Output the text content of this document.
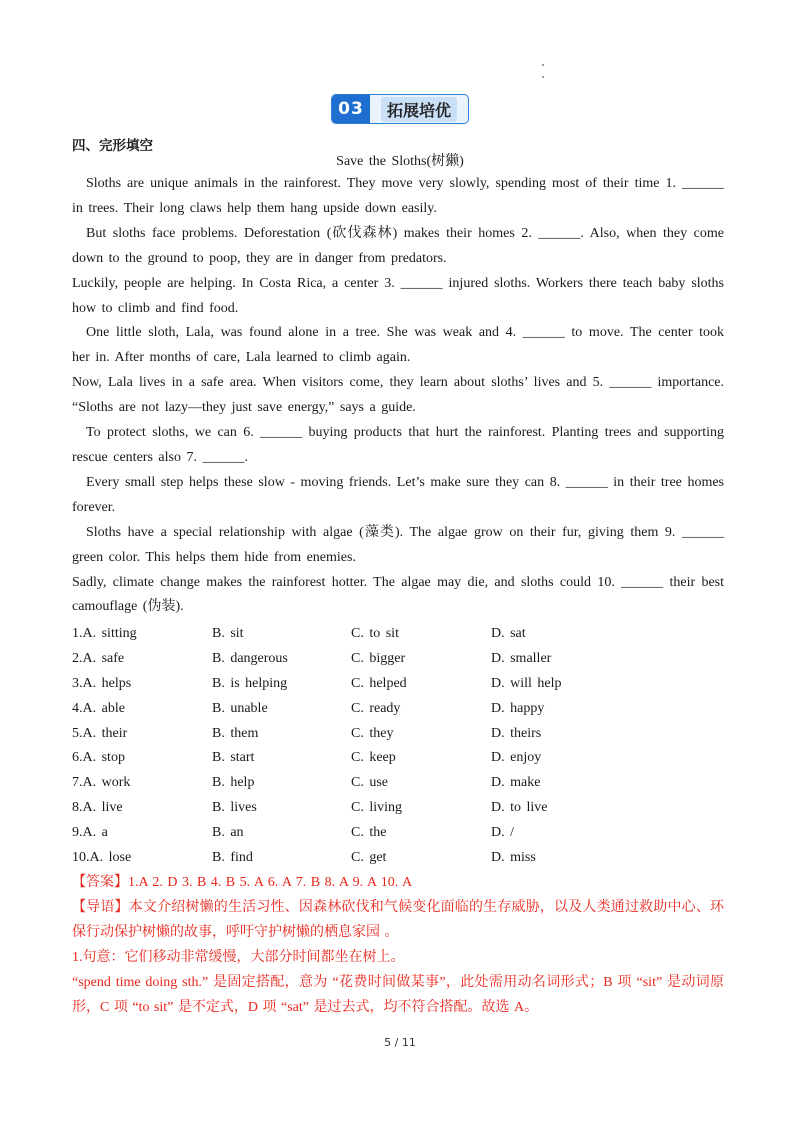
03	拓展培优
四、完形填空
Save the Sloths(树獭)

Sloths are unique animals in the rainforest. They move very slowly, spending most of their time 1. ______ in trees. Their long claws help them hang upside down easily.

But sloths face problems. Deforestation (砍伐森林) makes their homes 2. ______. Also, when they come down to the ground to poop, they are in danger from predators.

Luckily, people are helping. In Costa Rica, a center 3. ______ injured sloths. Workers there teach baby sloths how to climb and find food.

One little sloth, Lala, was found alone in a tree. She was weak and 4. ______ to move. The center took her in. After months of care, Lala learned to climb again.

Now, Lala lives in a safe area. When visitors come, they learn about sloths’ lives and 5. ______ importance. “Sloths are not lazy—they just save energy,” says a guide.

To protect sloths, we can 6. ______ buying products that hurt the rainforest. Planting trees and supporting rescue centers also 7. ______.

Every small step helps these slow - moving friends. Let’s make sure they can 8. ______ in their tree homes forever.

Sloths have a special relationship with algae (藻类). The algae grow on their fur, giving them 9. ______ green color. This helps them hide from enemies.

Sadly, climate change makes the rainforest hotter. The algae may die, and sloths could 10. ______ their best camouflage (伪装).

1.A. sitting	B. sit	C. to sit	D. sat
2.A. safe	B. dangerous	C. bigger	D. smaller
3.A. helps	B. is helping	C. helped	D. will help
4.A. able	B. unable	C. ready	D. happy
5.A. their	B. them	C. they	D. theirs
6.A. stop	B. start	C. keep	D. enjoy
7.A. work	B. help	C. use	D. make
8.A. live	B. lives	C. living	D. to live
9.A. a	B. an	C. the	D. /
10.A. lose	B. find	C. get	D. miss

【答案】1.A 2. D 3. B 4. B 5. A 6. A 7. B 8. A 9. A 10. A

【导语】本文介绍树懒的生活习性、因森林砍伐和气候变化面临的生存威胁，以及人类通过救助中心、环保行动保护树懒的故事，呼吁守护树懒的栖息家园 。

1.句意：它们移动非常缓慢，大部分时间都坐在树上。

“spend time doing sth.” 是固定搭配，意为 “花费时间做某事”，此处需用动名词形式；B 项 “sit” 是动词原形，C 项 “to sit” 是不定式，D 项 “sat” 是过去式，均不符合搭配。故选 A。

5 / 11
